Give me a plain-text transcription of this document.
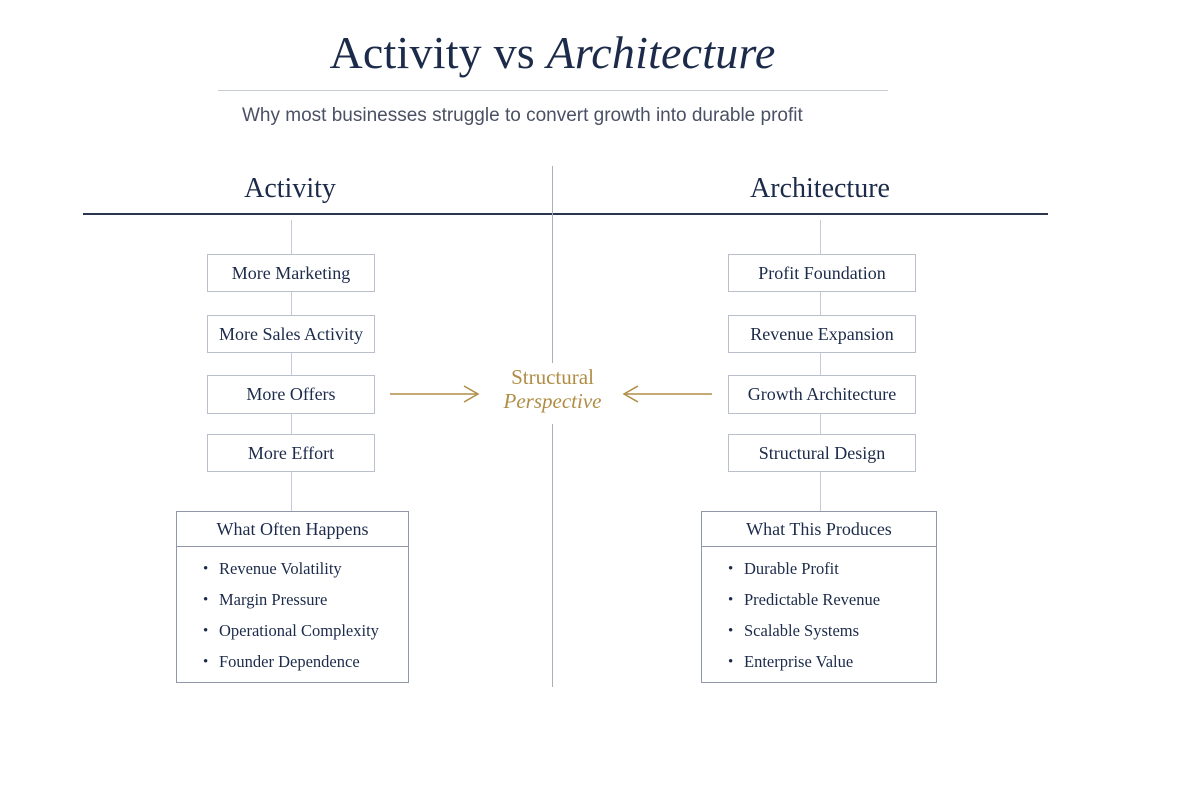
Activity vs Architecture
Why most businesses struggle to convert growth into durable profit
Activity	Architecture
More Marketing
More Sales Activity
More Offers
More Effort
Profit Foundation
Revenue Expansion
Growth Architecture
Structural Design
What Often Happens
• Revenue Volatility
• Margin Pressure
• Operational Complexity
• Founder Dependence
What This Produces
• Durable Profit
• Predictable Revenue
• Scalable Systems
• Enterprise Value
Structural
Perspective
